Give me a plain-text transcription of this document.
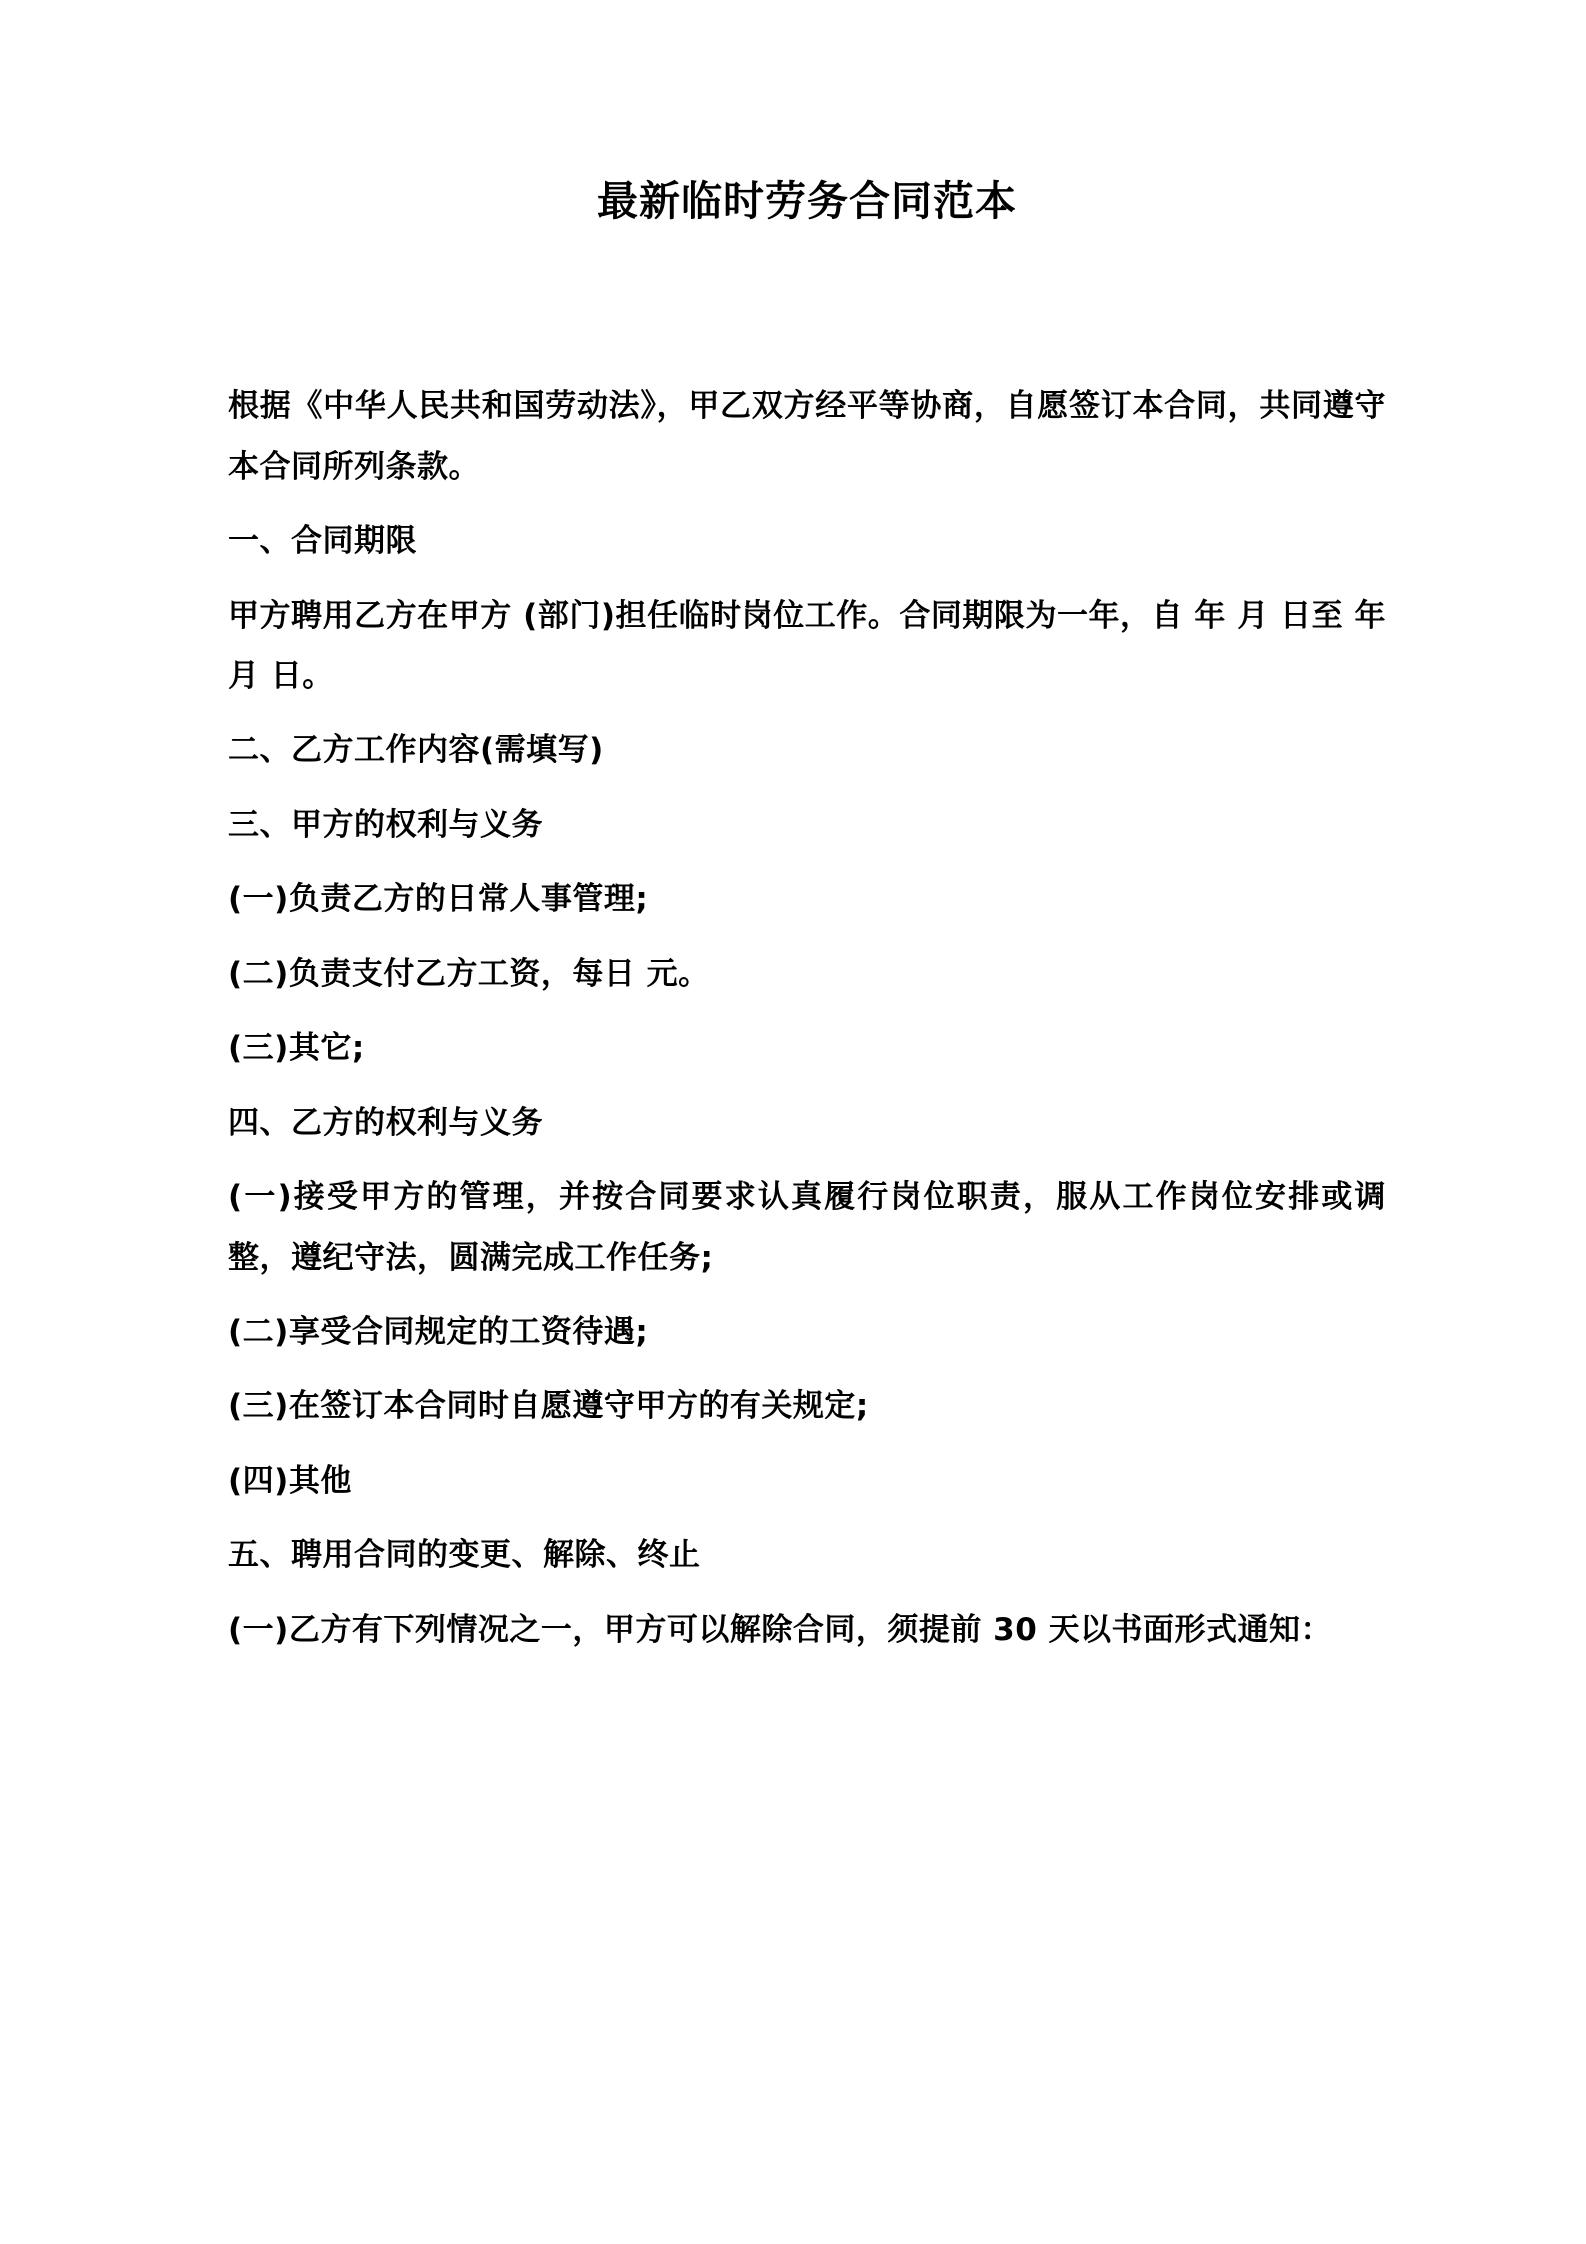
最新临时劳务合同范本

根据《中华人民共和国劳动法》，甲乙双方经平等协商，自愿签订本合同，共同遵守本合同所列条款。

一、合同期限

甲方聘用乙方在甲方 (部门)担任临时岗位工作。合同期限为一年，自 年 月 日至 年 月 日。

二、乙方工作内容(需填写)

三、甲方的权利与义务

(一)负责乙方的日常人事管理;

(二)负责支付乙方工资，每日 元。

(三)其它;

四、乙方的权利与义务

(一)接受甲方的管理，并按合同要求认真履行岗位职责，服从工作岗位安排或调整，遵纪守法，圆满完成工作任务;

(二)享受合同规定的工资待遇;

(三)在签订本合同时自愿遵守甲方的有关规定;

(四)其他

五、聘用合同的变更、解除、终止

(一)乙方有下列情况之一，甲方可以解除合同，须提前 30 天以书面形式通知：
